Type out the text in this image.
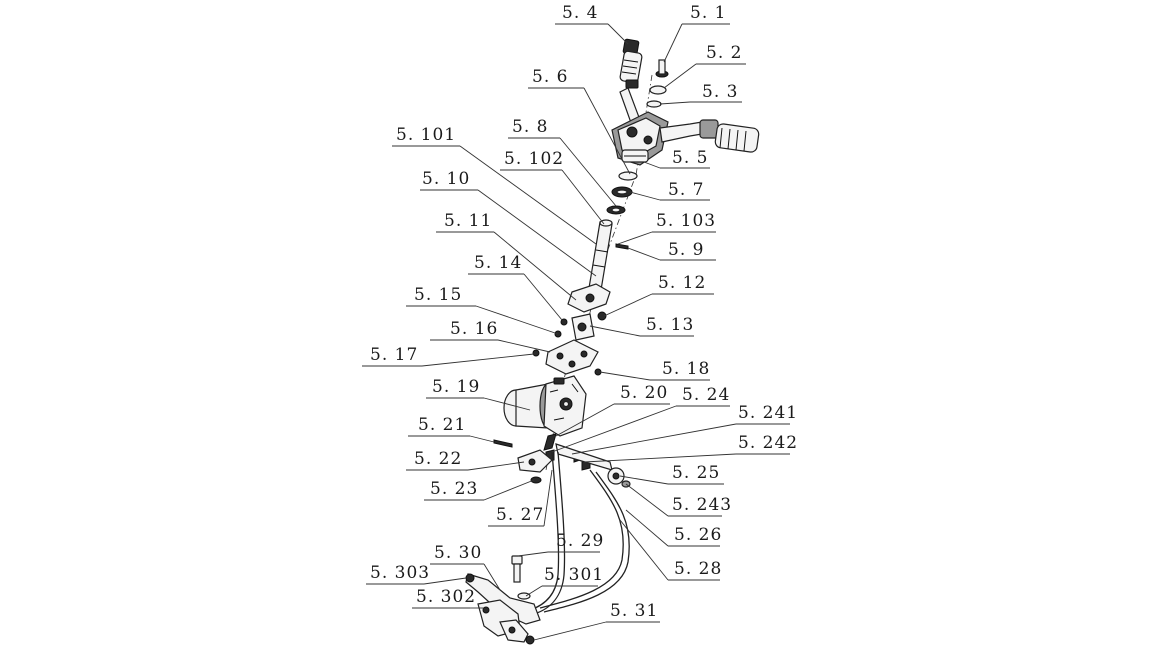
5. 4	5. 1
5. 2
5. 3
5. 6
5. 5
5. 101	5. 8
5. 102
5. 7
5. 10
5. 103
5. 9
5. 11
5. 14
5. 12
5. 15
5. 13
5. 16
5. 17
5. 18
5. 19	5. 20 5. 24
5. 241
5. 21
5. 242
5. 22
5. 25
5. 23
5. 243
5. 27
5. 26
5. 29
5. 30
5. 28
5. 301
5. 303
5. 302
5. 31
